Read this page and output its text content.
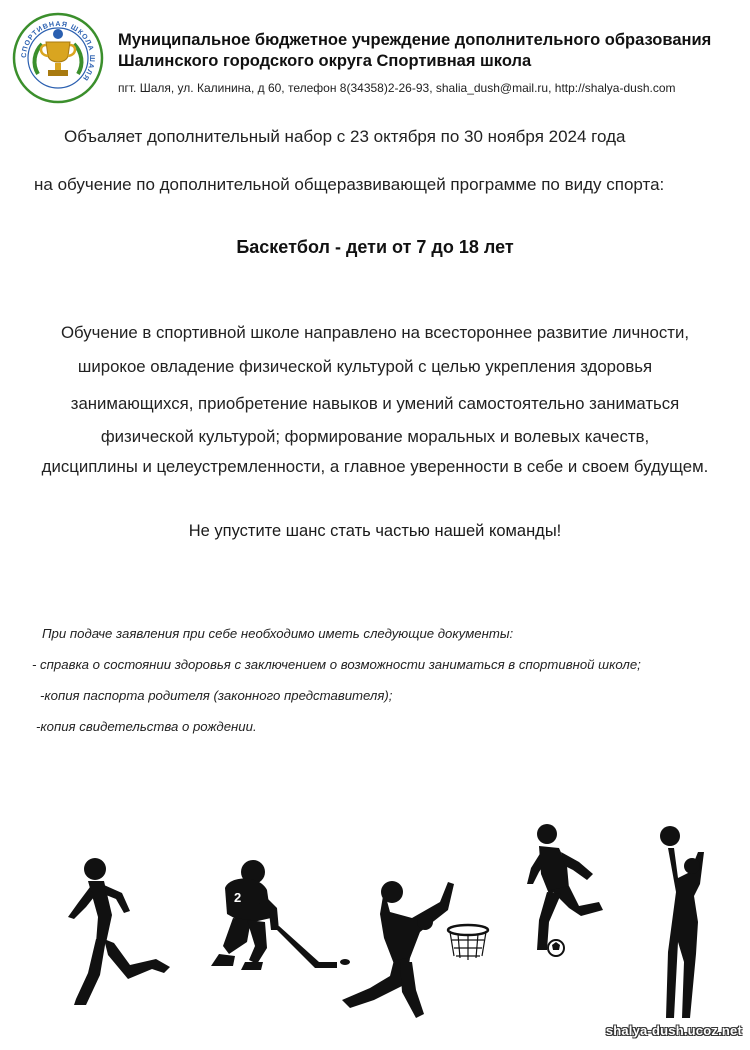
СПОРТИВНАЯ ШКОЛА ШАЛЯ
Муниципальное бюджетное учреждение дополнительного образования
Шалинского городского округа Спортивная школа
пгт. Шаля, ул. Калинина, д 60, телефон 8(34358)2-26-93, shalia_dush@mail.ru, http://shalya-dush.com
Объаляет дополнительный набор с 23 октября по 30 ноября 2024 года
на обучение по дополнительной общеразвивающей программе по виду спорта:
Баскетбол - дети от 7 до 18 лет
Обучение в спортивной школе направлено на всестороннее развитие личности,
широкое овладение физической культурой с целью укрепления здоровья
занимающихся, приобретение навыков и умений самостоятельно заниматься
физической культурой; формирование моральных и волевых качеств,
дисциплины и целеустремленности, а главное уверенности в себе и своем будущем.
Не упустите шанс стать частью нашей команды!
При подаче заявления при себе необходимо иметь следующие документы:
- справка о состоянии здоровья с заключением о возможности заниматься в спортивной школе;
-копия паспорта родителя (законного представителя);
-копия свидетельства о рождении.
2
shalya-dush.ucoz.net
